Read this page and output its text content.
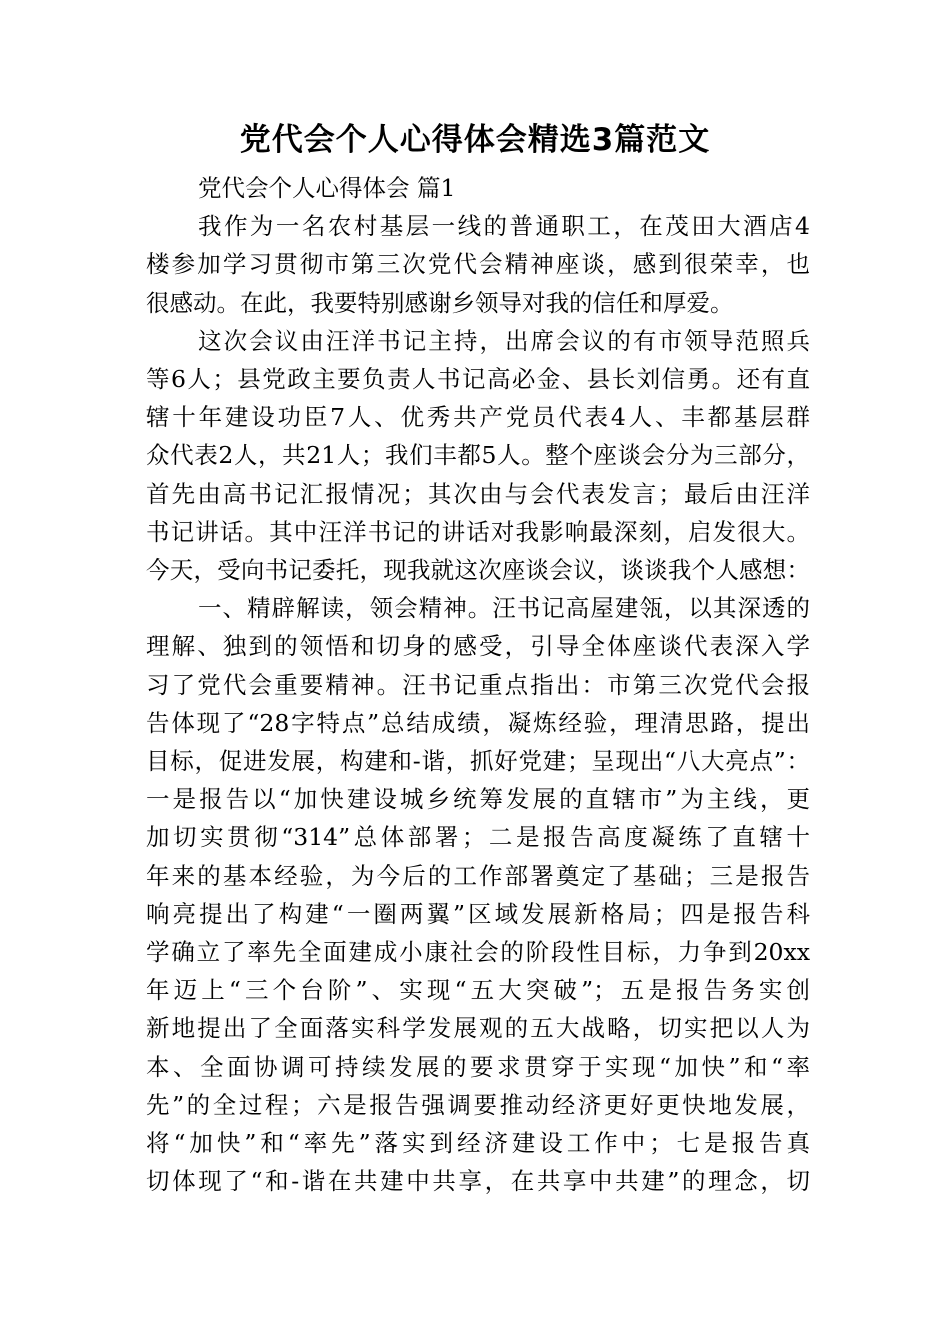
党代会个人心得体会精选3篇范文
党代会个人心得体会 篇1
我作为一名农村基层一线的普通职工，在茂田大酒店4
楼参加学习贯彻市第三次党代会精神座谈，感到很荣幸，也
很感动。在此，我要特别感谢乡领导对我的信任和厚爱。
这次会议由汪洋书记主持，出席会议的有市领导范照兵
等6人；县党政主要负责人书记高必金、县长刘信勇。还有直
辖十年建设功臣7人、优秀共产党员代表4人、丰都基层群
众代表2人，共21人；我们丰都5人。整个座谈会分为三部分，
首先由高书记汇报情况；其次由与会代表发言；最后由汪洋
书记讲话。其中汪洋书记的讲话对我影响最深刻，启发很大。
今天，受向书记委托，现我就这次座谈会议，谈谈我个人感想：
一、精辟解读，领会精神。汪书记高屋建瓴，以其深透的
理解、独到的领悟和切身的感受，引导全体座谈代表深入学
习了党代会重要精神。汪书记重点指出：市第三次党代会报
告体现了“28字特点”总结成绩，凝炼经验，理清思路，提出
目标，促进发展，构建和-谐，抓好党建；呈现出“八大亮点”：
一是报告以“加快建设城乡统筹发展的直辖市”为主线，更
加切实贯彻“314”总体部署；二是报告高度凝练了直辖十
年来的基本经验，为今后的工作部署奠定了基础；三是报告
响亮提出了构建“一圈两翼”区域发展新格局；四是报告科
学确立了率先全面建成小康社会的阶段性目标，力争到20xx
年迈上“三个台阶”、实现“五大突破”；五是报告务实创
新地提出了全面落实科学发展观的五大战略，切实把以人为
本、全面协调可持续发展的要求贯穿于实现“加快”和“率
先”的全过程；六是报告强调要推动经济更好更快地发展，
将“加快”和“率先”落实到经济建设工作中；七是报告真
切体现了“和-谐在共建中共享，在共享中共建”的理念，切
